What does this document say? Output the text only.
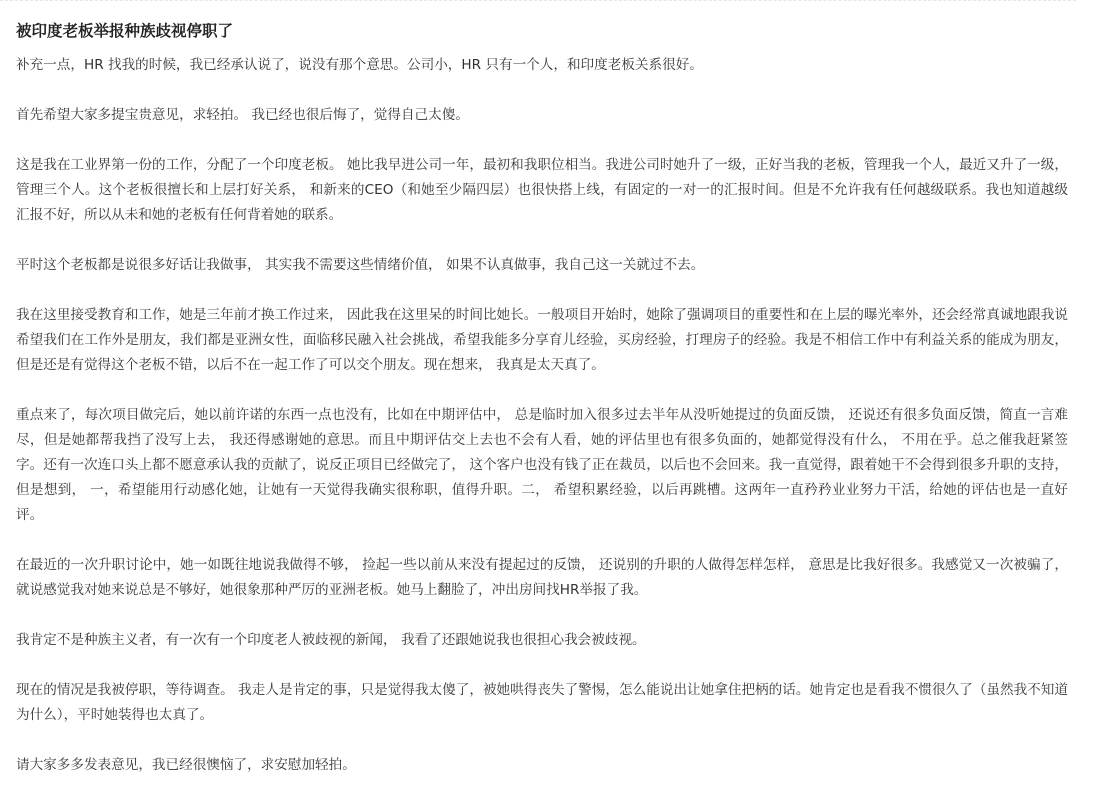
被印度老板举报种族歧视停职了

补充一点，HR 找我的时候，我已经承认说了，说没有那个意思。公司小，HR 只有一个人，和印度老板关系很好。

首先希望大家多提宝贵意见，求轻拍。 我已经也很后悔了，觉得自己太傻。

这是我在工业界第一份的工作，分配了一个印度老板。 她比我早进公司一年，最初和我职位相当。我进公司时她升了一级，正好当我的老板，管理我一个人，最近又升了一级，管理三个人。这个老板很擅长和上层打好关系， 和新来的CEO（和她至少隔四层）也很快搭上线，有固定的一对一的汇报时间。但是不允许我有任何越级联系。我也知道越级汇报不好，所以从未和她的老板有任何背着她的联系。

平时这个老板都是说很多好话让我做事， 其实我不需要这些情绪价值， 如果不认真做事，我自己这一关就过不去。

我在这里接受教育和工作，她是三年前才换工作过来， 因此我在这里呆的时间比她长。一般项目开始时，她除了强调项目的重要性和在上层的曝光率外，还会经常真诚地跟我说希望我们在工作外是朋友，我们都是亚洲女性，面临移民融入社会挑战，希望我能多分享育儿经验，买房经验，打理房子的经验。我是不相信工作中有利益关系的能成为朋友，但是还是有觉得这个老板不错，以后不在一起工作了可以交个朋友。现在想来， 我真是太天真了。

重点来了，每次项目做完后，她以前许诺的东西一点也没有，比如在中期评估中， 总是临时加入很多过去半年从没听她提过的负面反馈， 还说还有很多负面反馈，简直一言难尽，但是她都帮我挡了没写上去， 我还得感谢她的意思。而且中期评估交上去也不会有人看，她的评估里也有很多负面的，她都觉得没有什么， 不用在乎。总之催我赶紧签字。还有一次连口头上都不愿意承认我的贡献了，说反正项目已经做完了， 这个客户也没有钱了正在裁员，以后也不会回来。我一直觉得，跟着她干不会得到很多升职的支持，但是想到， 一，希望能用行动感化她，让她有一天觉得我确实很称职，值得升职。二， 希望积累经验，以后再跳槽。这两年一直矜矜业业努力干活，给她的评估也是一直好评。

在最近的一次升职讨论中，她一如既往地说我做得不够， 捡起一些以前从来没有提起过的反馈， 还说别的升职的人做得怎样怎样， 意思是比我好很多。我感觉又一次被骗了，就说感觉我对她来说总是不够好，她很象那种严厉的亚洲老板。她马上翻脸了，冲出房间找HR举报了我。

我肯定不是种族主义者，有一次有一个印度老人被歧视的新闻， 我看了还跟她说我也很担心我会被歧视。

现在的情况是我被停职，等待调查。 我走人是肯定的事，只是觉得我太傻了，被她哄得丧失了警惕，怎么能说出让她拿住把柄的话。她肯定也是看我不惯很久了（虽然我不知道为什么），平时她装得也太真了。

请大家多多发表意见，我已经很懊恼了，求安慰加轻拍。
